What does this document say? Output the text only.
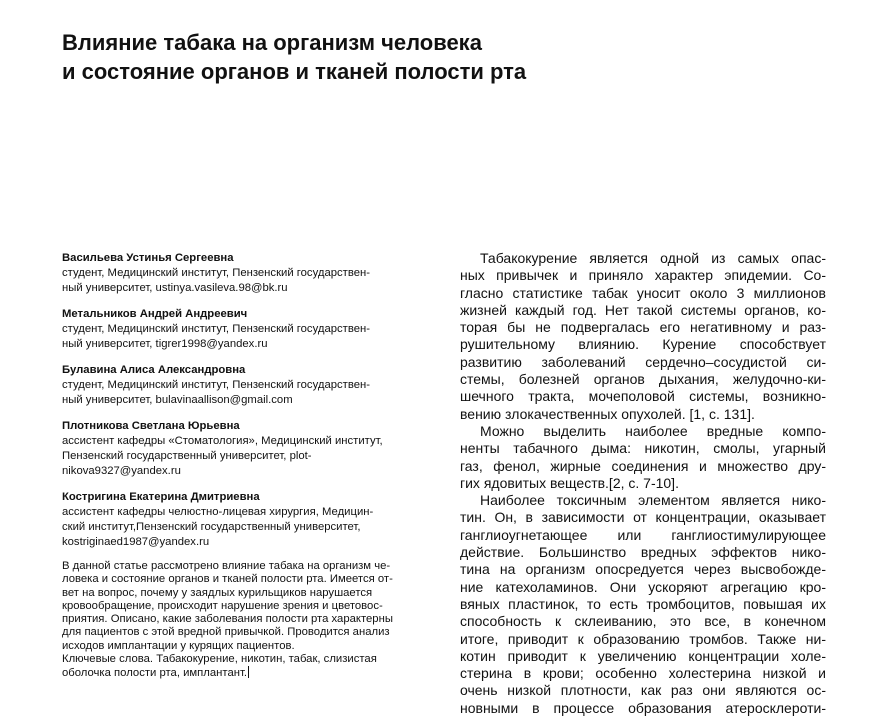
Влияние табака на организм человека
и состояние органов и тканей полости рта
Васильева Устинья Сергеевна
студент, Медицинский институт, Пензенский государствен-
ный университет, ustinya.vasileva.98@bk.ru
Метальников Андрей Андреевич
студент, Медицинский институт, Пензенский государствен-
ный университет, tigrer1998@yandex.ru
Булавина Алиса Александровна
студент, Медицинский институт, Пензенский государствен-
ный университет, bulavinaallison@gmail.com
Плотникова Светлана Юрьевна
ассистент кафедры «Стоматология», Медицинский институт,
Пензенский государственный университет, plot-
nikova9327@yandex.ru
Костригина Екатерина Дмитриевна
ассистент кафедры челюстно-лицевая хирургия, Медицин-
ский институт,Пензенский государственный университет,
kostriginaed1987@yandex.ru
В данной статье рассмотрено влияние табака на организм че-
ловека и состояние органов и тканей полости рта. Имеется от-
вет на вопрос, почему у заядлых курильщиков нарушается
кровообращение, происходит нарушение зрения и цветовос-
приятия. Описано, какие заболевания полости рта характерны
для пациентов с этой вредной привычкой. Проводится анализ
исходов имплантации у курящих пациентов.
Ключевые слова. Табакокурение, никотин, табак, слизистая
оболочка полости рта, имплантант.
Табакокурение является одной из самых опас-
ных привычек и приняло характер эпидемии. Со-
гласно статистике табак уносит около 3 миллионов
жизней каждый год. Нет такой системы органов, ко-
торая бы не подвергалась его негативному и раз-
рушительному влиянию. Курение способствует
развитию заболеваний сердечно–сосудистой си-
стемы, болезней органов дыхания, желудочно-ки-
шечного тракта, мочеполовой системы, возникно-
вению злокачественных опухолей. [1, с. 131].
Можно выделить наиболее вредные компо-
ненты табачного дыма: никотин, смолы, угарный
газ, фенол, жирные соединения и множество дру-
гих ядовитых веществ.[2, с. 7-10].
Наиболее токсичным элементом является нико-
тин. Он, в зависимости от концентрации, оказывает
ганглиоугнетающее или ганглиостимулирующее
действие. Большинство вредных эффектов нико-
тина на организм опосредуется через высвобожде-
ние катехоламинов. Они ускоряют агрегацию кро-
вяных пластинок, то есть тромбоцитов, повышая их
способность к склеиванию, это все, в конечном
итоге, приводит к образованию тромбов. Также ни-
котин приводит к увеличению концентрации холе-
стерина в крови; особенно холестерина низкой и
очень низкой плотности, как раз они являются ос-
новными в процессе образования атеросклероти-
